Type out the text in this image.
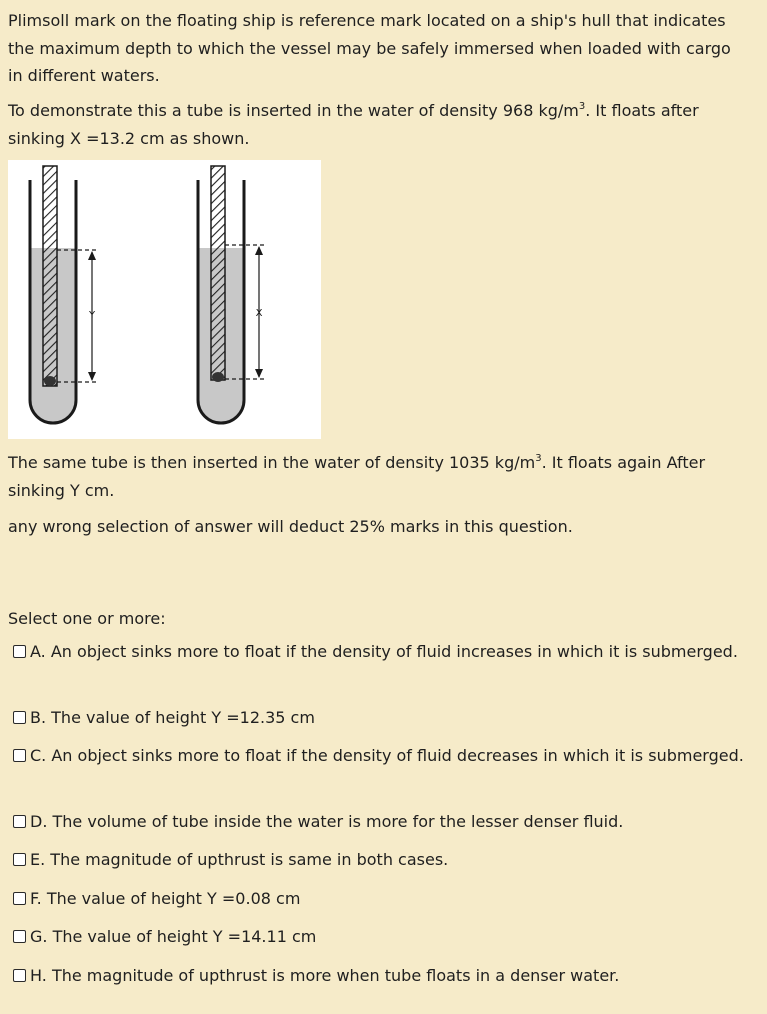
Plimsoll mark on the floating ship is reference mark located on a ship's hull that indicates the maximum depth to which the vessel may be safely immersed when loaded with cargo in different waters.

To demonstrate this a tube is inserted in the water of density 968 $kg/m^3$. It floats after sinking X =13.2 cm as shown.

Y	X

The same tube is then inserted in the water of density 1035 $kg/m^3$. It floats again After sinking Y cm.

any wrong selection of answer will deduct 25% marks in this question.

Select one or more:
A. An object sinks more to float if the density of fluid increases in which it is submerged.
B. The value of height Y =12.35 cm
C. An object sinks more to float if the density of fluid decreases in which it is submerged.
D. The volume of tube inside the water is more for the lesser denser fluid.
E. The magnitude of upthrust is same in both cases.
F. The value of height Y =0.08 cm
G. The value of height Y =14.11 cm
H. The magnitude of upthrust is more when tube floats in a denser water.
